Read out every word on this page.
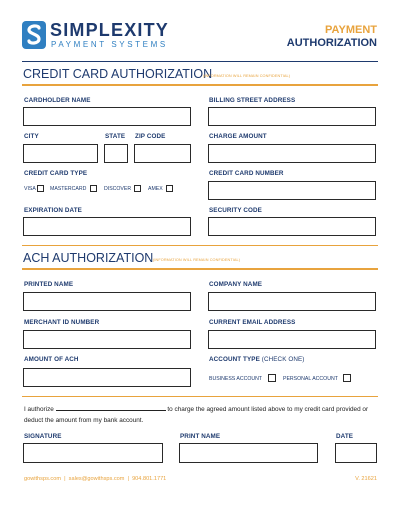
SIMPLEXITY
PAYMENT SYSTEMS
PAYMENT
AUTHORIZATION
CREDIT CARD AUTHORIZATION
(INFORMATION WILL REMAIN CONFIDENTIAL)
CARDHOLDER NAME	BILLING STREET ADDRESS
CITY	STATE ZIP CODE	CHARGE AMOUNT
CREDIT CARD TYPE
VISA	MASTERCARD	DISCOVER	AMEX
CREDIT CARD NUMBER
EXPIRATION DATE	SECURITY CODE
ACH AUTHORIZATION (INFORMATION WILL REMAIN CONFIDENTIAL)
PRINTED NAME	COMPANY NAME
MERCHANT ID NUMBER	CURRENT EMAIL ADDRESS
AMOUNT OF ACH	ACCOUNT TYPE (CHECK ONE)
BUSINESS ACCOUNT	PERSONAL ACCOUNT
I authorize	to charge the agreed amount listed above to my credit card provided or
deduct the amount from my bank account.
SIGNATURE	PRINT NAME	DATE
gowithsps.com  |  sales@gowithsps.com  |  904.801.1771	V. 21621
